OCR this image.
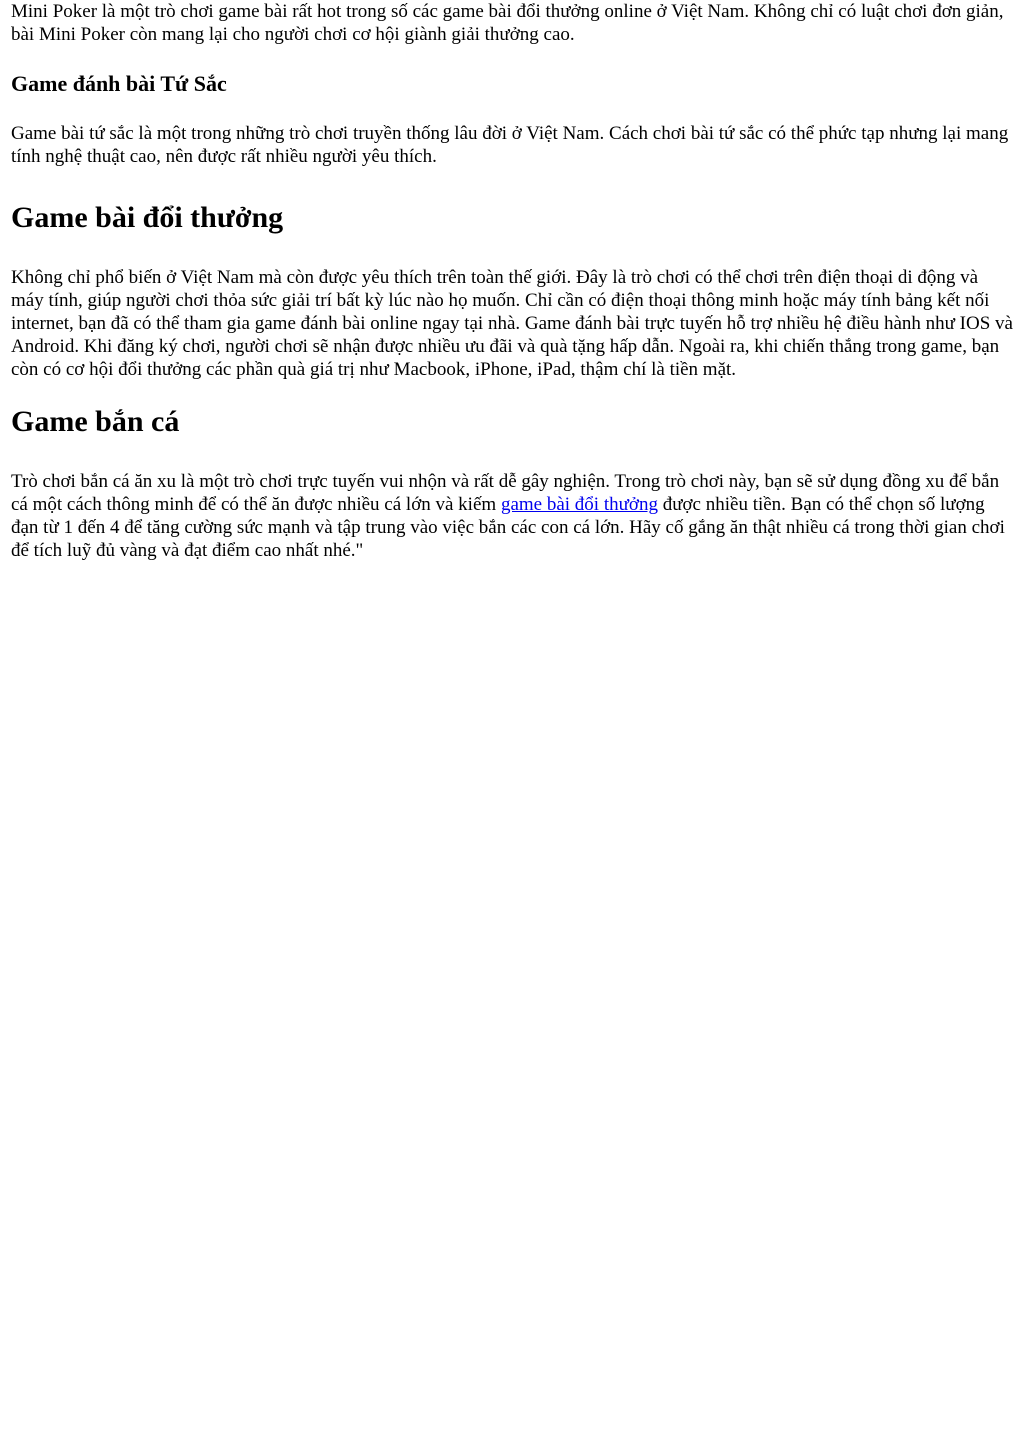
Mini Poker là một trò chơi game bài rất hot trong số các game bài đổi thưởng online ở Việt Nam. Không chỉ có luật chơi đơn giản, bài Mini Poker còn mang lại cho người chơi cơ hội giành giải thưởng cao.

Game đánh bài Tứ Sắc

Game bài tứ sắc là một trong những trò chơi truyền thống lâu đời ở Việt Nam. Cách chơi bài tứ sắc có thể phức tạp nhưng lại mang tính nghệ thuật cao, nên được rất nhiều người yêu thích.

Game bài đổi thưởng

Không chỉ phổ biến ở Việt Nam mà còn được yêu thích trên toàn thế giới. Đây là trò chơi có thể chơi trên điện thoại di động và máy tính, giúp người chơi thỏa sức giải trí bất kỳ lúc nào họ muốn. Chỉ cần có điện thoại thông minh hoặc máy tính bảng kết nối internet, bạn đã có thể tham gia game đánh bài online ngay tại nhà. Game đánh bài trực tuyến hỗ trợ nhiều hệ điều hành như IOS và Android. Khi đăng ký chơi, người chơi sẽ nhận được nhiều ưu đãi và quà tặng hấp dẫn. Ngoài ra, khi chiến thắng trong game, bạn còn có cơ hội đổi thưởng các phần quà giá trị như Macbook, iPhone, iPad, thậm chí là tiền mặt.

Game bắn cá

Trò chơi bắn cá ăn xu là một trò chơi trực tuyến vui nhộn và rất dễ gây nghiện. Trong trò chơi này, bạn sẽ sử dụng đồng xu để bắn cá một cách thông minh để có thể ăn được nhiều cá lớn và kiếm game bài đổi thưởng được nhiều tiền. Bạn có thể chọn số lượng đạn từ 1 đến 4 để tăng cường sức mạnh và tập trung vào việc bắn các con cá lớn. Hãy cố gắng ăn thật nhiều cá trong thời gian chơi để tích luỹ đủ vàng và đạt điểm cao nhất nhé."
